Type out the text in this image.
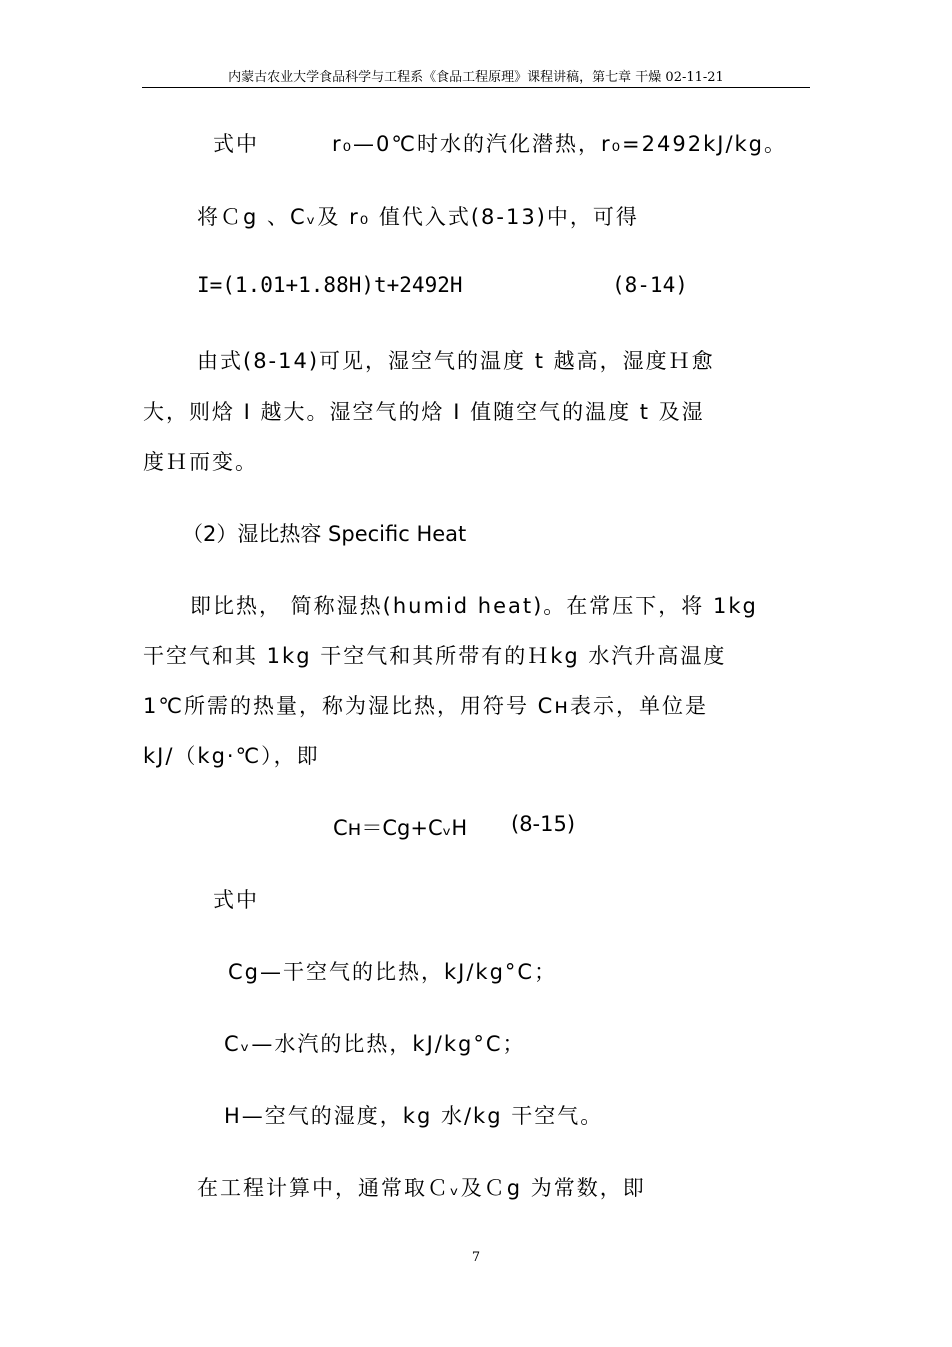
内蒙古农业大学食品科学与工程系《食品工程原理》课程讲稿，第七章 干燥 02-11-21
式中	r₀—0℃时水的汽化潜热，r₀=2492kJ/kg。
将Ｃg 、Cᵥ及 r₀ 值代入式(8-13)中，可得
I=(1.01+1.88H)t+2492H	(8-14)
由式(8-14)可见，湿空气的温度 t 越高，湿度Ｈ愈
大，则焓 I 越大。湿空气的焓 I 值随空气的温度 t 及湿
度Ｈ而变。
（2）湿比热容 Specific Heat
即比热， 简称湿热(humid heat)。在常压下，将 1kg
干空气和其 1kg 干空气和其所带有的Ｈkg 水汽升高温度
1℃所需的热量，称为湿比热，用符号 Cʜ表示，单位是
kJ/（kg·℃），即
Cʜ＝Cg+CᵥH (8-15)
式中
Cg—干空气的比热，kJ/kg°C；
Cᵥ—水汽的比热，kJ/kg°C；
H—空气的湿度，kg 水/kg 干空气。
在工程计算中，通常取Ｃᵥ及Ｃg 为常数，即
7
